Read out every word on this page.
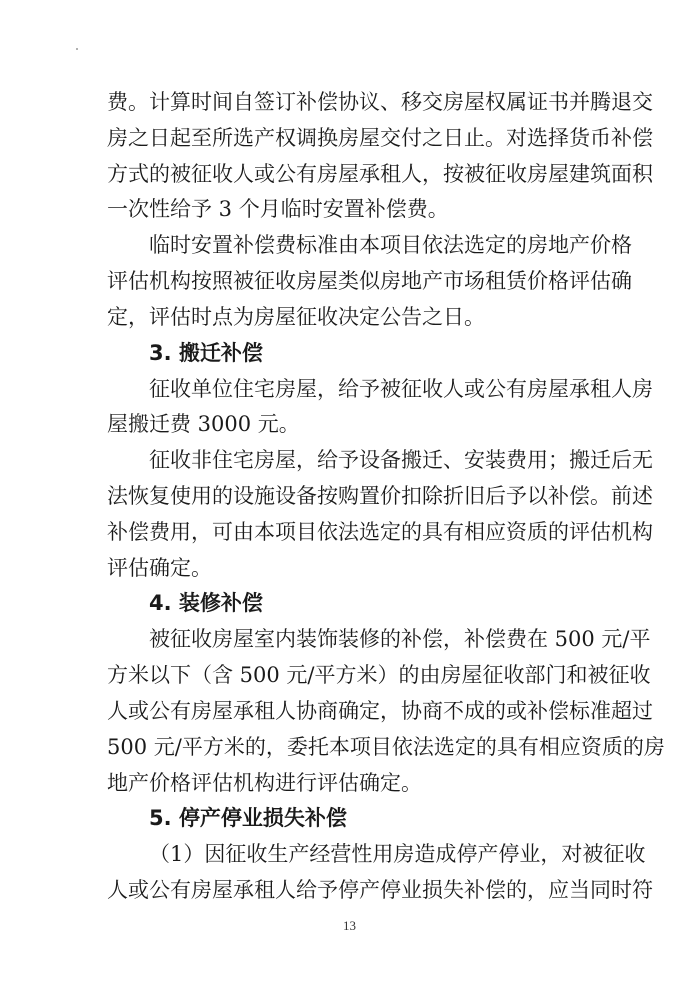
费。计算时间自签订补偿协议、移交房屋权属证书并腾退交
房之日起至所选产权调换房屋交付之日止。对选择货币补偿
方式的被征收人或公有房屋承租人，按被征收房屋建筑面积
一次性给予 3 个月临时安置补偿费。
临时安置补偿费标准由本项目依法选定的房地产价格
评估机构按照被征收房屋类似房地产市场租赁价格评估确
定，评估时点为房屋征收决定公告之日。
3. 搬迁补偿
征收单位住宅房屋，给予被征收人或公有房屋承租人房
屋搬迁费 3000 元。
征收非住宅房屋，给予设备搬迁、安装费用；搬迁后无
法恢复使用的设施设备按购置价扣除折旧后予以补偿。前述
补偿费用，可由本项目依法选定的具有相应资质的评估机构
评估确定。
4. 装修补偿
被征收房屋室内装饰装修的补偿，补偿费在 500 元/平
方米以下（含 500 元/平方米）的由房屋征收部门和被征收
人或公有房屋承租人协商确定，协商不成的或补偿标准超过
500 元/平方米的，委托本项目依法选定的具有相应资质的房
地产价格评估机构进行评估确定。
5. 停产停业损失补偿
（1）因征收生产经营性用房造成停产停业，对被征收
人或公有房屋承租人给予停产停业损失补偿的，应当同时符
13
